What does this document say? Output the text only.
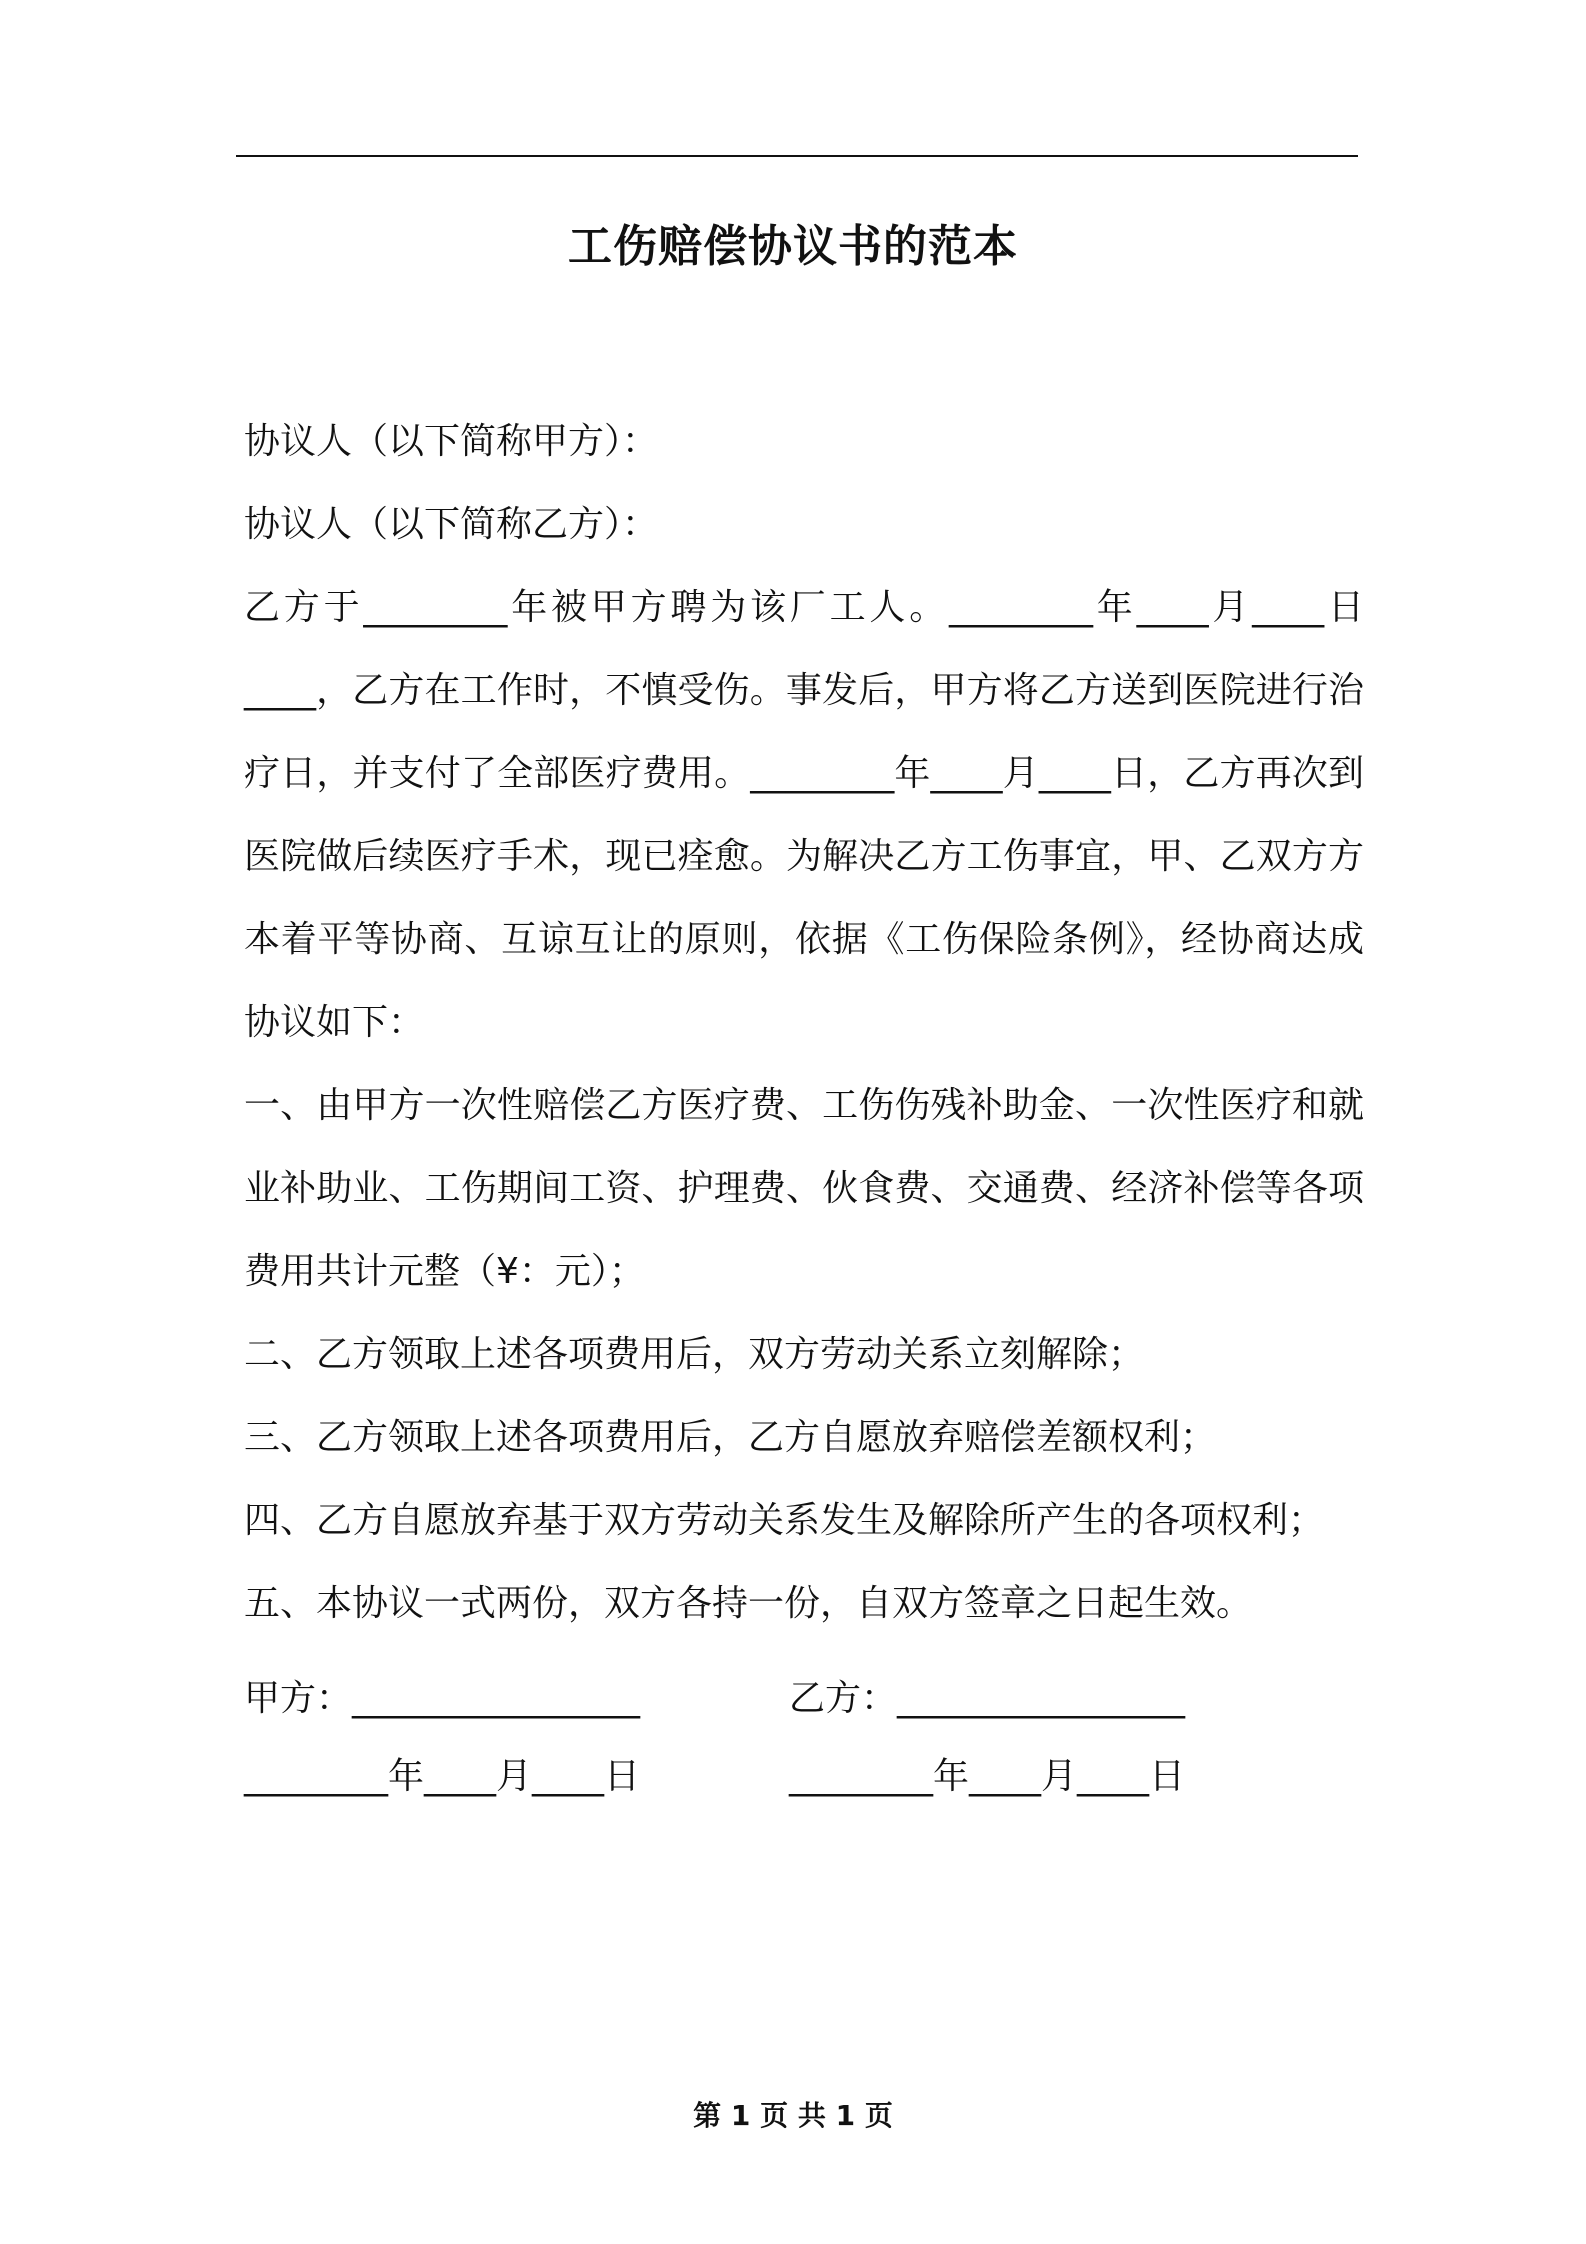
工伤赔偿协议书的范本

协议人（以下简称甲方）：

协议人（以下简称乙方）：

乙方于________年被甲方聘为该厂工人。________年____月____日____，乙方在工作时，不慎受伤。事发后，甲方将乙方送到医院进行治疗日，并支付了全部医疗费用。________年____月____日，乙方再次到医院做后续医疗手术，现已痊愈。为解决乙方工伤事宜，甲、乙双方方本着平等协商、互谅互让的原则，依据《工伤保险条例》，经协商达成协议如下：

一、由甲方一次性赔偿乙方医疗费、工伤伤残补助金、一次性医疗和就业补助业、工伤期间工资、护理费、伙食费、交通费、经济补偿等各项费用共计元整（¥：元）；

二、乙方领取上述各项费用后，双方劳动关系立刻解除；

三、乙方领取上述各项费用后，乙方自愿放弃赔偿差额权利；

四、乙方自愿放弃基于双方劳动关系发生及解除所产生的各项权利；

五、本协议一式两份，双方各持一份，自双方签章之日起生效。

甲方：________________	乙方：________________
________年____月____日	________年____月____日
第 1 页 共 1 页
